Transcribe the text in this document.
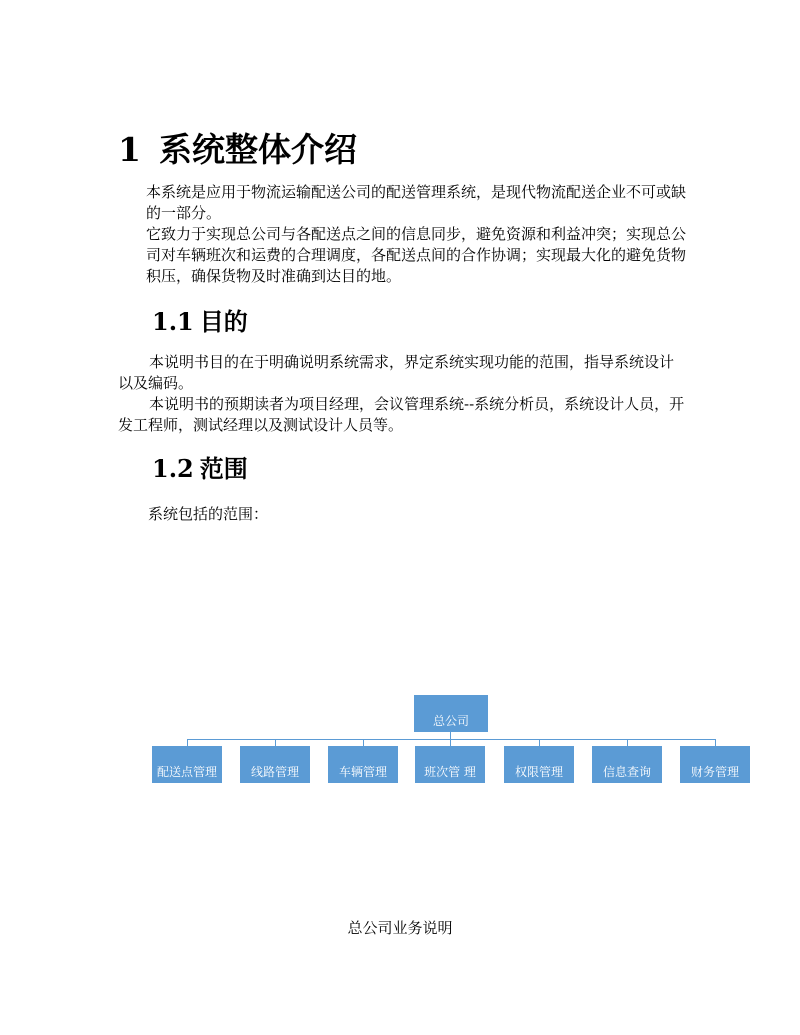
1 系统整体介绍

本系统是应用于物流运输配送公司的配送管理系统，是现代物流配送企业不可或缺的一部分。

它致力于实现总公司与各配送点之间的信息同步，避免资源和利益冲突；实现总公司对车辆班次和运费的合理调度，各配送点间的合作协调；实现最大化的避免货物积压，确保货物及时准确到达目的地。

1.1 目的

本说明书目的在于明确说明系统需求，界定系统实现功能的范围，指导系统设计以及编码。

本说明书的预期读者为项目经理，会议管理系统--系统分析员，系统设计人员，开发工程师，测试经理以及测试设计人员等。

1.2 范围
系统包括的范围：
总公司
配送点管理	线路管理	车辆管理	班次管 理	权限管理	信息查询	财务管理
总公司业务说明
